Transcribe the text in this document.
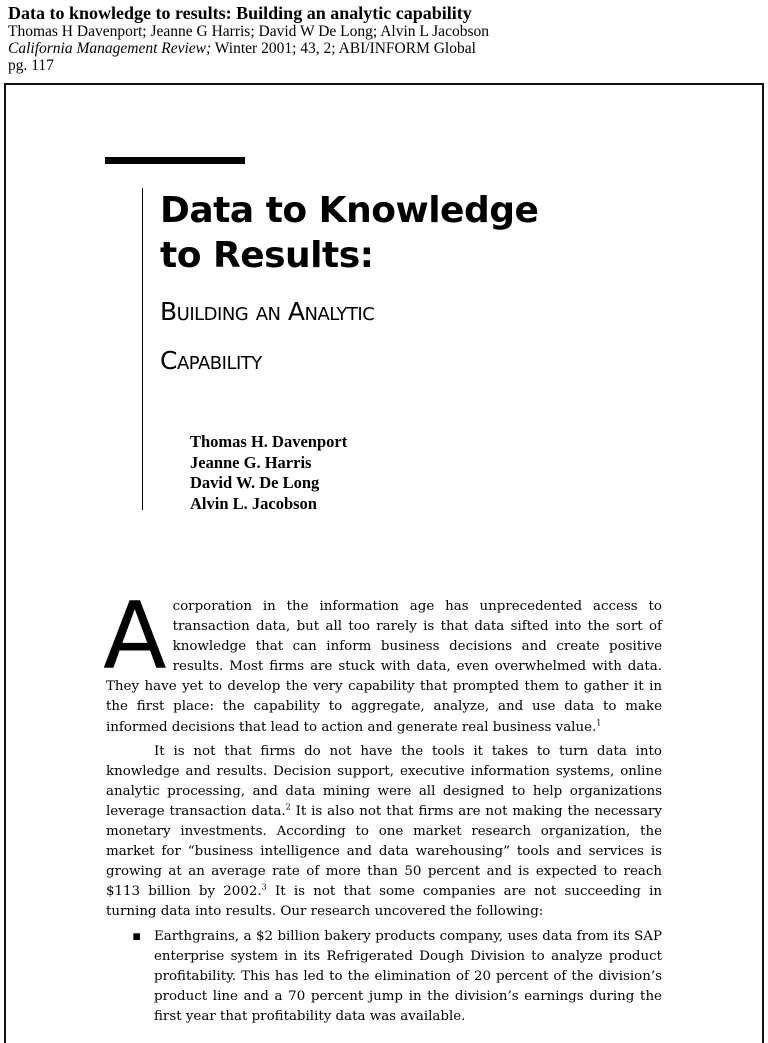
Data to knowledge to results: Building an analytic capability
Thomas H Davenport; Jeanne G Harris; David W De Long; Alvin L Jacobson
California Management Review; Winter 2001; 43, 2; ABI/INFORM Global
pg. 117
Data to Knowledge
to Results:
Building an Analytic
Capability
Thomas H. Davenport
Jeanne G. Harris
David W. De Long
Alvin L. Jacobson

Acorporation in the information age has unprecedented access to transaction data, but all too rarely is that data sifted into the sort of knowledge that can inform business decisions and create positive results. Most firms are stuck with data, even overwhelmed with data. They have yet to develop the very capability that prompted them to gather it in the first place: the capability to aggregate, analyze, and use data to make informed decisions that lead to action and generate real business value.$^1$

It is not that firms do not have the tools it takes to turn data into knowledge and results. Decision support, executive information systems, online analytic processing, and data mining were all designed to help organizations leverage transaction data.$^2$ It is also not that firms are not making the necessary monetary investments. According to one market research organization, the market for “business intelligence and data warehousing” tools and services is growing at an average rate of more than 50 percent and is expected to reach $113 billion by 2002.$^3$ It is not that some companies are not succeeding in turning data into results. Our research uncovered the following:

▪ Earthgrains, a $2 billion bakery products company, uses data from its SAP enterprise system in its Refrigerated Dough Division to analyze product profitability. This has led to the elimination of 20 percent of the division’s product line and a 70 percent jump in the division’s earnings during the first year that profitability data was available.
